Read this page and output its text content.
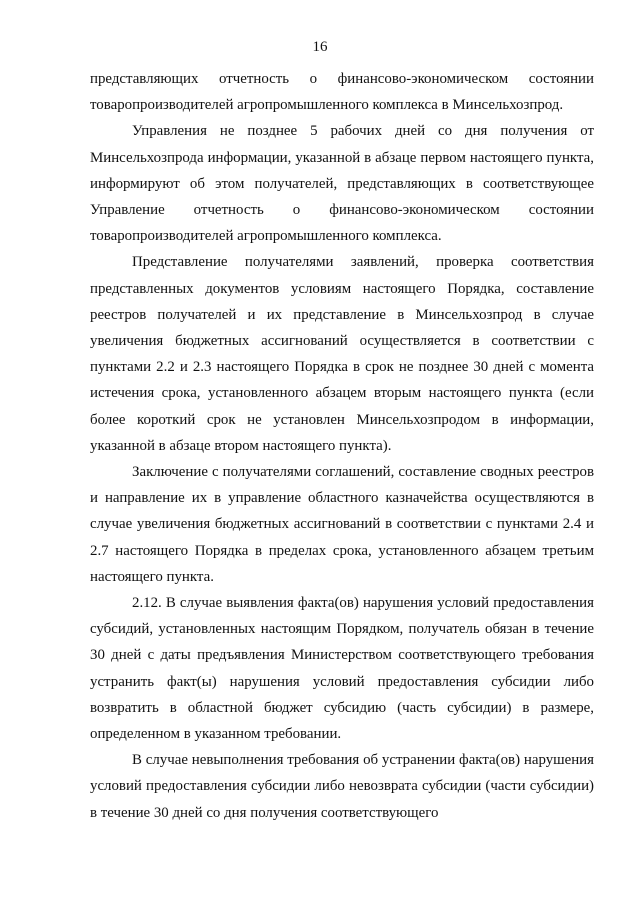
16

представляющих отчетность о финансово-экономическом состоянии товаропроизводителей агропромышленного комплекса в Минсельхозпрод.

Управления не позднее 5 рабочих дней со дня получения от Минсельхозпрода информации, указанной в абзаце первом настоящего пункта, информируют об этом получателей, представляющих в соответствующее Управление отчетность о финансово-экономическом состоянии товаропроизводителей агропромышленного комплекса.

Представление получателями заявлений, проверка соответствия представленных документов условиям настоящего Порядка, составление реестров получателей и их представление в Минсельхозпрод в случае увеличения бюджетных ассигнований осуществляется в соответствии с пунктами 2.2 и 2.3 настоящего Порядка в срок не позднее 30 дней с момента истечения срока, установленного абзацем вторым настоящего пункта (если более короткий срок не установлен Минсельхозпродом в информации, указанной в абзаце втором настоящего пункта).

Заключение с получателями соглашений, составление сводных реестров и направление их в управление областного казначейства осуществляются в случае увеличения бюджетных ассигнований в соответствии с пунктами 2.4 и 2.7 настоящего Порядка в пределах срока, установленного абзацем третьим настоящего пункта.

2.12. В случае выявления факта(ов) нарушения условий предоставления субсидий, установленных настоящим Порядком, получатель обязан в течение 30 дней с даты предъявления Министерством соответствующего требования устранить факт(ы) нарушения условий предоставления субсидии либо возвратить в областной бюджет субсидию (часть субсидии) в размере, определенном в указанном требовании.

В случае невыполнения требования об устранении факта(ов) нарушения условий предоставления субсидии либо невозврата субсидии (части субсидии) в течение 30 дней со дня получения соответствующего
